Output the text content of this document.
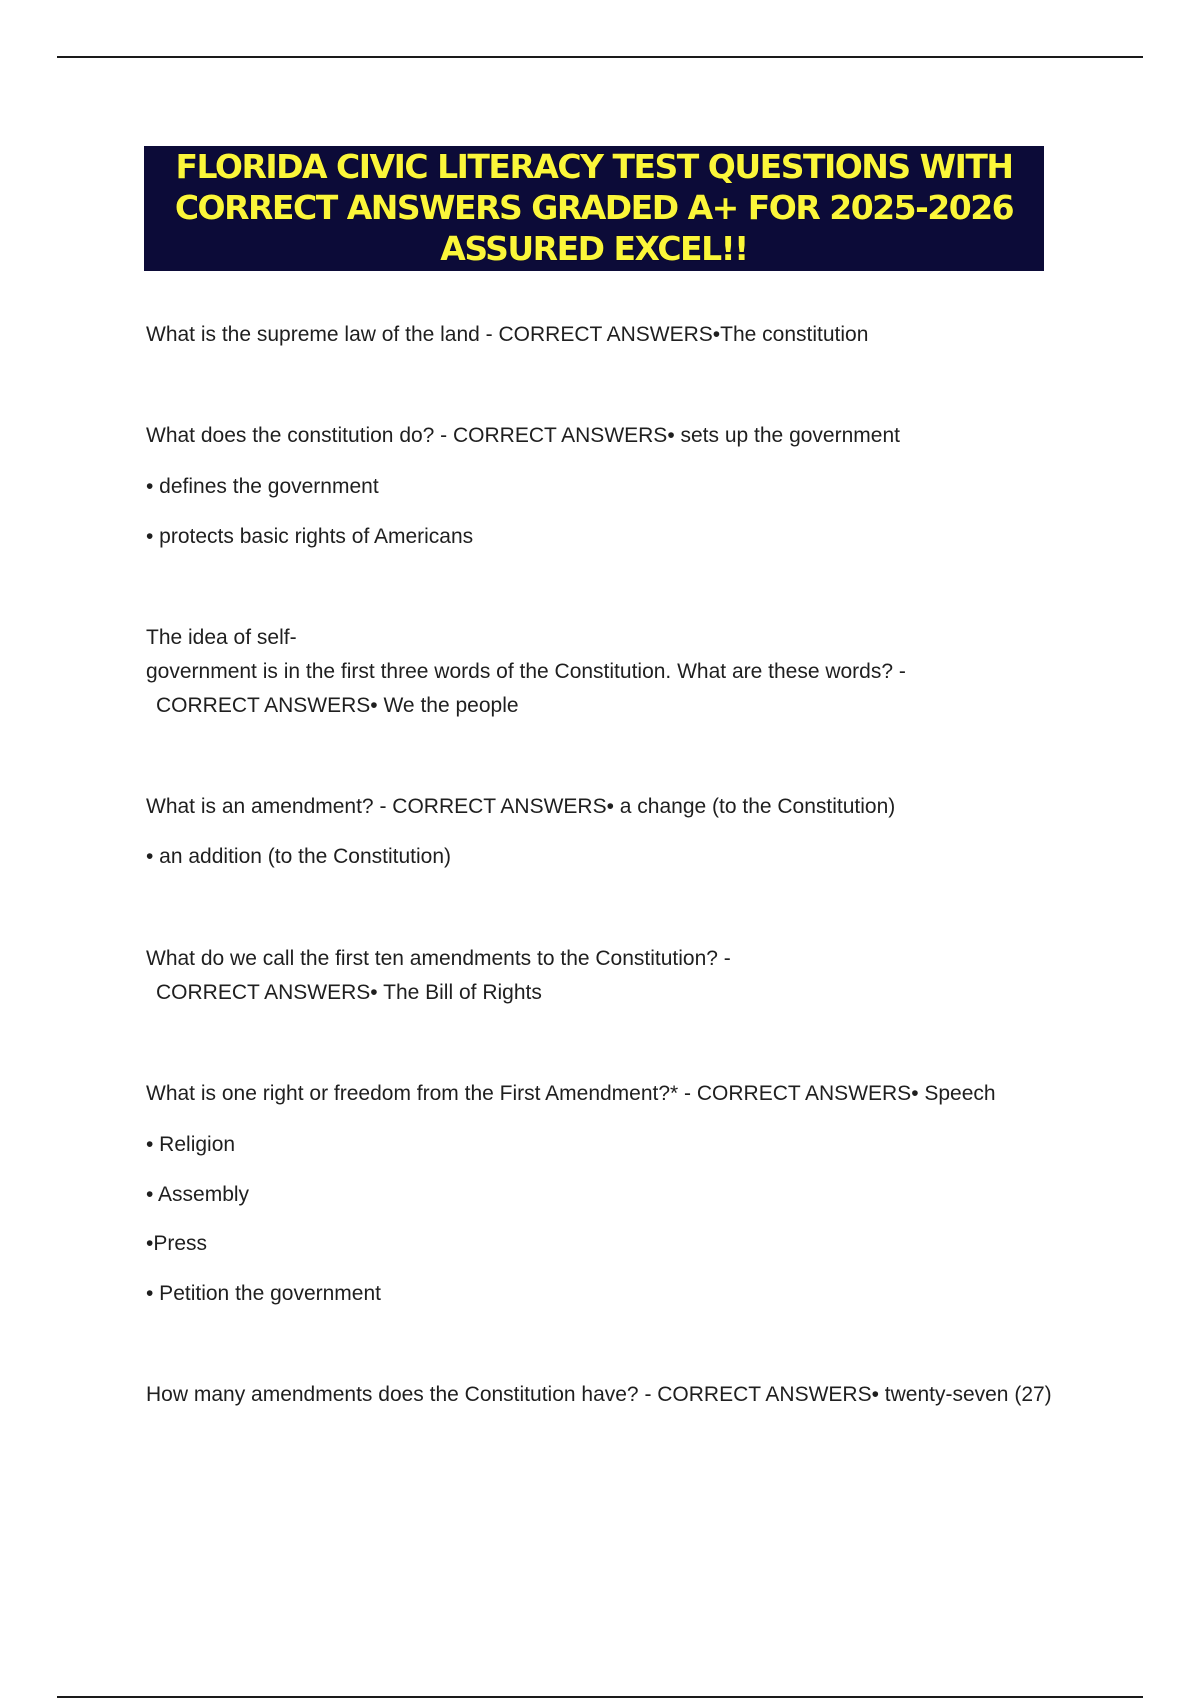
FLORIDA CIVIC LITERACY TEST QUESTIONS WITH
CORRECT ANSWERS GRADED A+ FOR 2025-2026
ASSURED EXCEL!!
What is the supreme law of the land - CORRECT ANSWERS•The constitution
What does the constitution do? - CORRECT ANSWERS• sets up the government
• defines the government
• protects basic rights of Americans
The idea of self-
government is in the first three words of the Constitution. What are these words? -
CORRECT ANSWERS• We the people
What is an amendment? - CORRECT ANSWERS• a change (to the Constitution)
• an addition (to the Constitution)
What do we call the first ten amendments to the Constitution? -
CORRECT ANSWERS• The Bill of Rights
What is one right or freedom from the First Amendment?* - CORRECT ANSWERS• Speech
• Religion
• Assembly
•Press
• Petition the government
How many amendments does the Constitution have? - CORRECT ANSWERS• twenty-seven (27)
